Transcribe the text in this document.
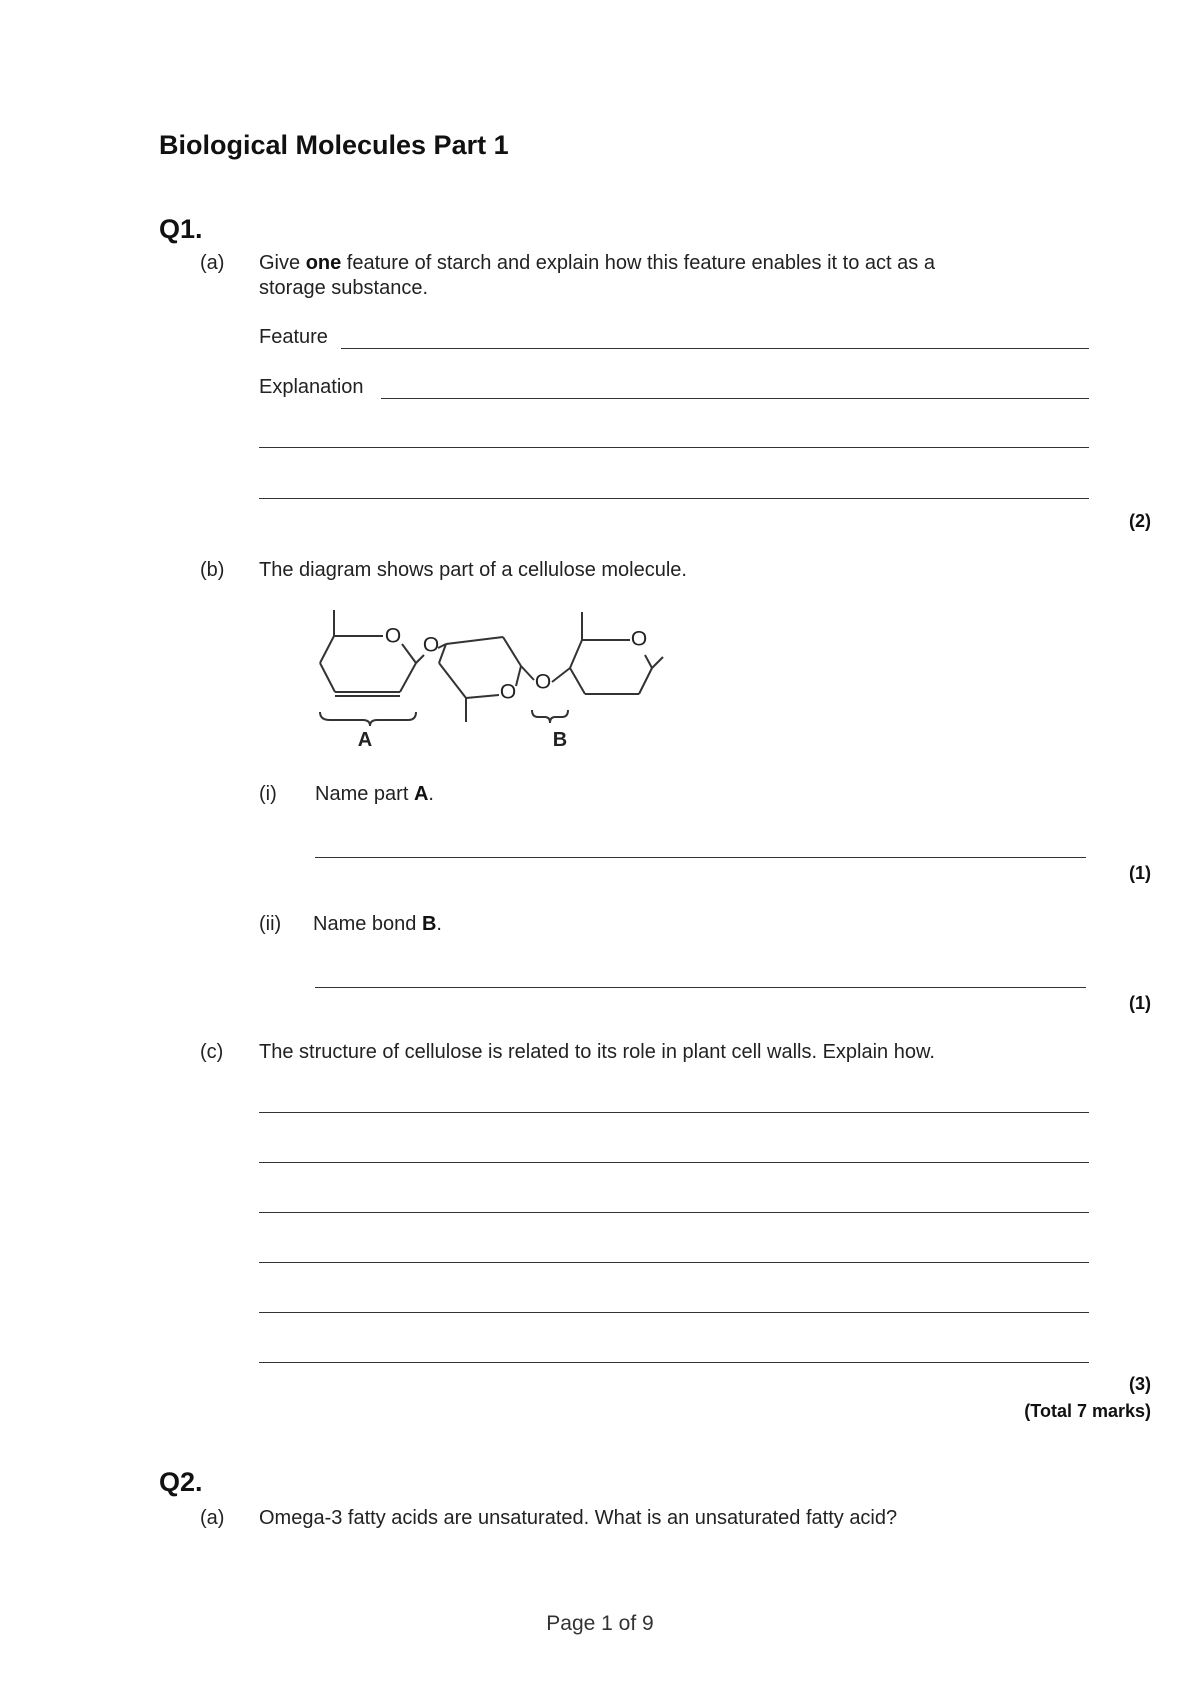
Biological Molecules Part 1
Q1.
(a) Give one feature of starch and explain how this feature enables it to act as a
storage substance.
Feature
Explanation
(2)
(b) The diagram shows part of a cellulose molecule.
O O
O O
O
A	B
(i) Name part A.
(1)
(ii) Name bond B.
(1)
(c) The structure of cellulose is related to its role in plant cell walls. Explain how.
(3)
(Total 7 marks)
Q2.
(a) Omega-3 fatty acids are unsaturated. What is an unsaturated fatty acid?
Page 1 of 9
